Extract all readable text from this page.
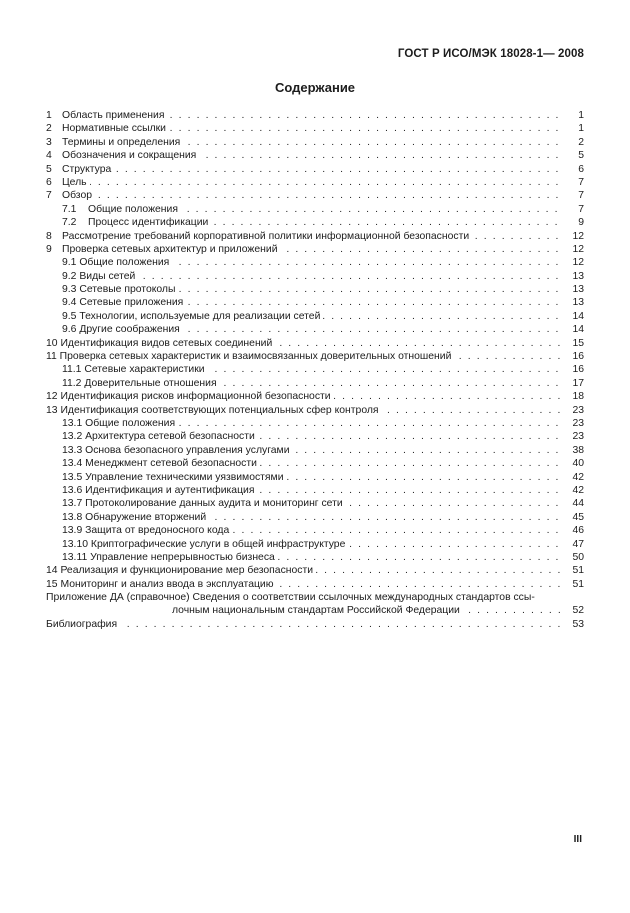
ГОСТ Р ИСО/МЭК 18028-1— 2008
Содержание
1 Область применения . . .	1
2 Нормативные ссылки . . .	1
3 Термины и определения . . .	2
4 Обозначения и сокращения . . .	5
5 Структура . . .	6
6 Цель . . .	7
7 Обзор . . .	7
7.1 Общие положения . . .	7
7.2 Процесс идентификации . . .	9
8 Рассмотрение требований корпоративной политики информационной безопасности . . .	12
9 Проверка сетевых архитектур и приложений . . .	12
9.1 Общие положения . . .	12
9.2 Виды сетей . . .	13
9.3 Сетевые протоколы . . .	13
9.4 Сетевые приложения . . .	13
9.5 Технологии, используемые для реализации сетей . . .	14
9.6 Другие соображения . . .	14
10 Идентификация видов сетевых соединений . . .	15
11 Проверка сетевых характеристик и взаимосвязанных доверительных отношений . . .	16
11.1 Сетевые характеристики . . .	16
11.2 Доверительные отношения . . .	17
12 Идентификация рисков информационной безопасности . . .	18
13 Идентификация соответствующих потенциальных сфер контроля . . .	23
13.1 Общие положения . . .	23
13.2 Архитектура сетевой безопасности . . .	23
13.3 Основа безопасного управления услугами . . .	38
13.4 Менеджмент сетевой безопасности . . .	40
13.5 Управление техническими уязвимостями . . .	42
13.6 Идентификация и аутентификация . . .	42
13.7 Протоколирование данных аудита и мониторинг сети . . .	44
13.8 Обнаружение вторжений . . .	45
13.9 Защита от вредоносного кода . . .	46
13.10 Криптографические услуги в общей инфраструктуре . . .	47
13.11 Управление непрерывностью бизнеса . . .	50
14 Реализация и функционирование мер безопасности . . .	51
15 Мониторинг и анализ ввода в эксплуатацию . . .	51
Приложение ДА (справочное) Сведения о соответствии ссылочных международных стандартов ссы-
лочным национальным стандартам Российской Федерации . . .	52
Библиография . . .	53
III
